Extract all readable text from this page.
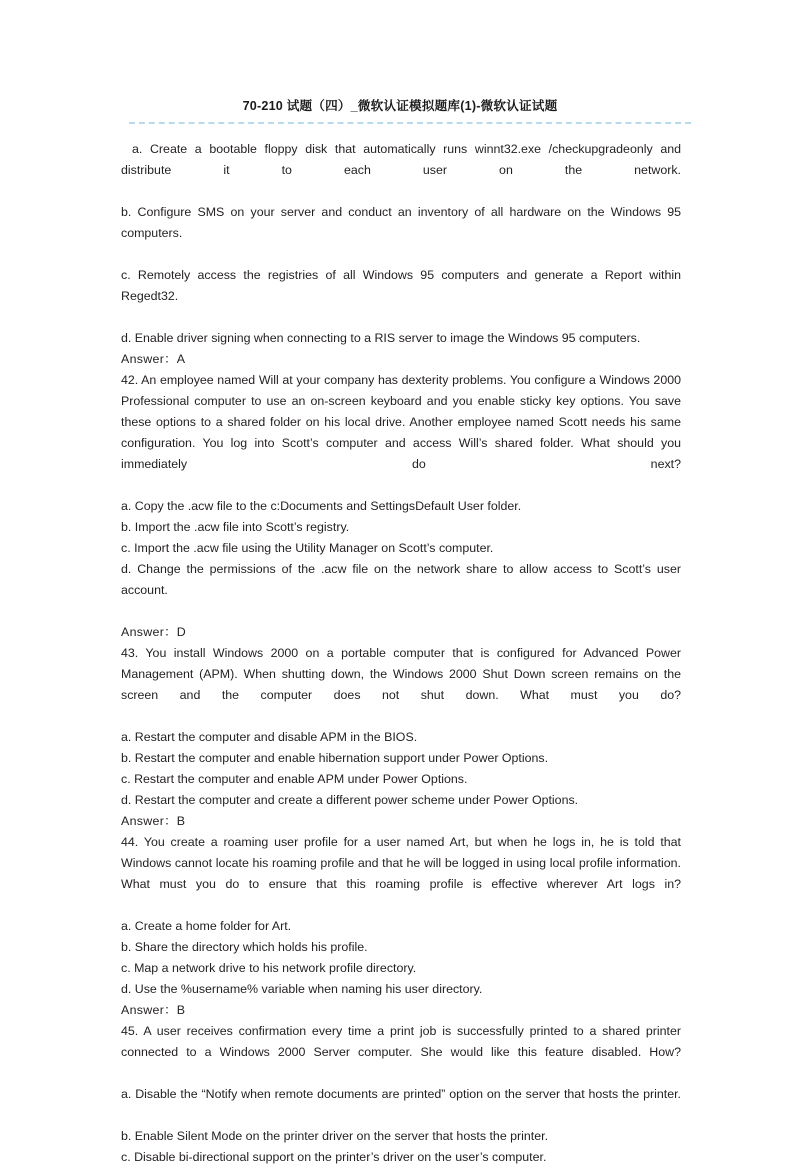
70-210 试题（四）_微软认证模拟题库(1)-微软认证试题

a. Create a bootable floppy disk that automatically runs winnt32.exe /checkupgradeonly and distribute it to each user on the network.

b. Configure SMS on your server and conduct an inventory of all hardware on the Windows 95 computers.

c. Remotely access the registries of all Windows 95 computers and generate a Report within Regedt32.

d. Enable driver signing when connecting to a RIS server to image the Windows 95 computers.

Answer：A

42. An employee named Will at your company has dexterity problems. You configure a Windows 2000 Professional computer to use an on-screen keyboard and you enable sticky key options. You save these options to a shared folder on his local drive. Another employee named Scott needs his same configuration. You log into Scott’s computer and access Will’s shared folder. What should you immediately do next?

a. Copy the .acw file to the c:Documents and SettingsDefault User folder.

b. Import the .acw file into Scott’s registry.

c. Import the .acw file using the Utility Manager on Scott’s computer.

d. Change the permissions of the .acw file on the network share to allow access to Scott’s user account.

Answer：D

43. You install Windows 2000 on a portable computer that is configured for Advanced Power Management (APM). When shutting down, the Windows 2000 Shut Down screen remains on the screen and the computer does not shut down. What must you do?

a. Restart the computer and disable APM in the BIOS.

b. Restart the computer and enable hibernation support under Power Options.

c. Restart the computer and enable APM under Power Options.

d. Restart the computer and create a different power scheme under Power Options.

Answer：B

44. You create a roaming user profile for a user named Art, but when he logs in, he is told that Windows cannot locate his roaming profile and that he will be logged in using local profile information. What must you do to ensure that this roaming profile is effective wherever Art logs in?

a. Create a home folder for Art.

b. Share the directory which holds his profile.

c. Map a network drive to his network profile directory.

d. Use the %username% variable when naming his user directory.

Answer：B

45. A user receives confirmation every time a print job is successfully printed to a shared printer connected to a Windows 2000 Server computer. She would like this feature disabled. How?

a. Disable the “Notify when remote documents are printed” option on the server that hosts the printer.

b. Enable Silent Mode on the printer driver on the server that hosts the printer.

c. Disable bi-directional support on the printer’s driver on the user’s computer.
